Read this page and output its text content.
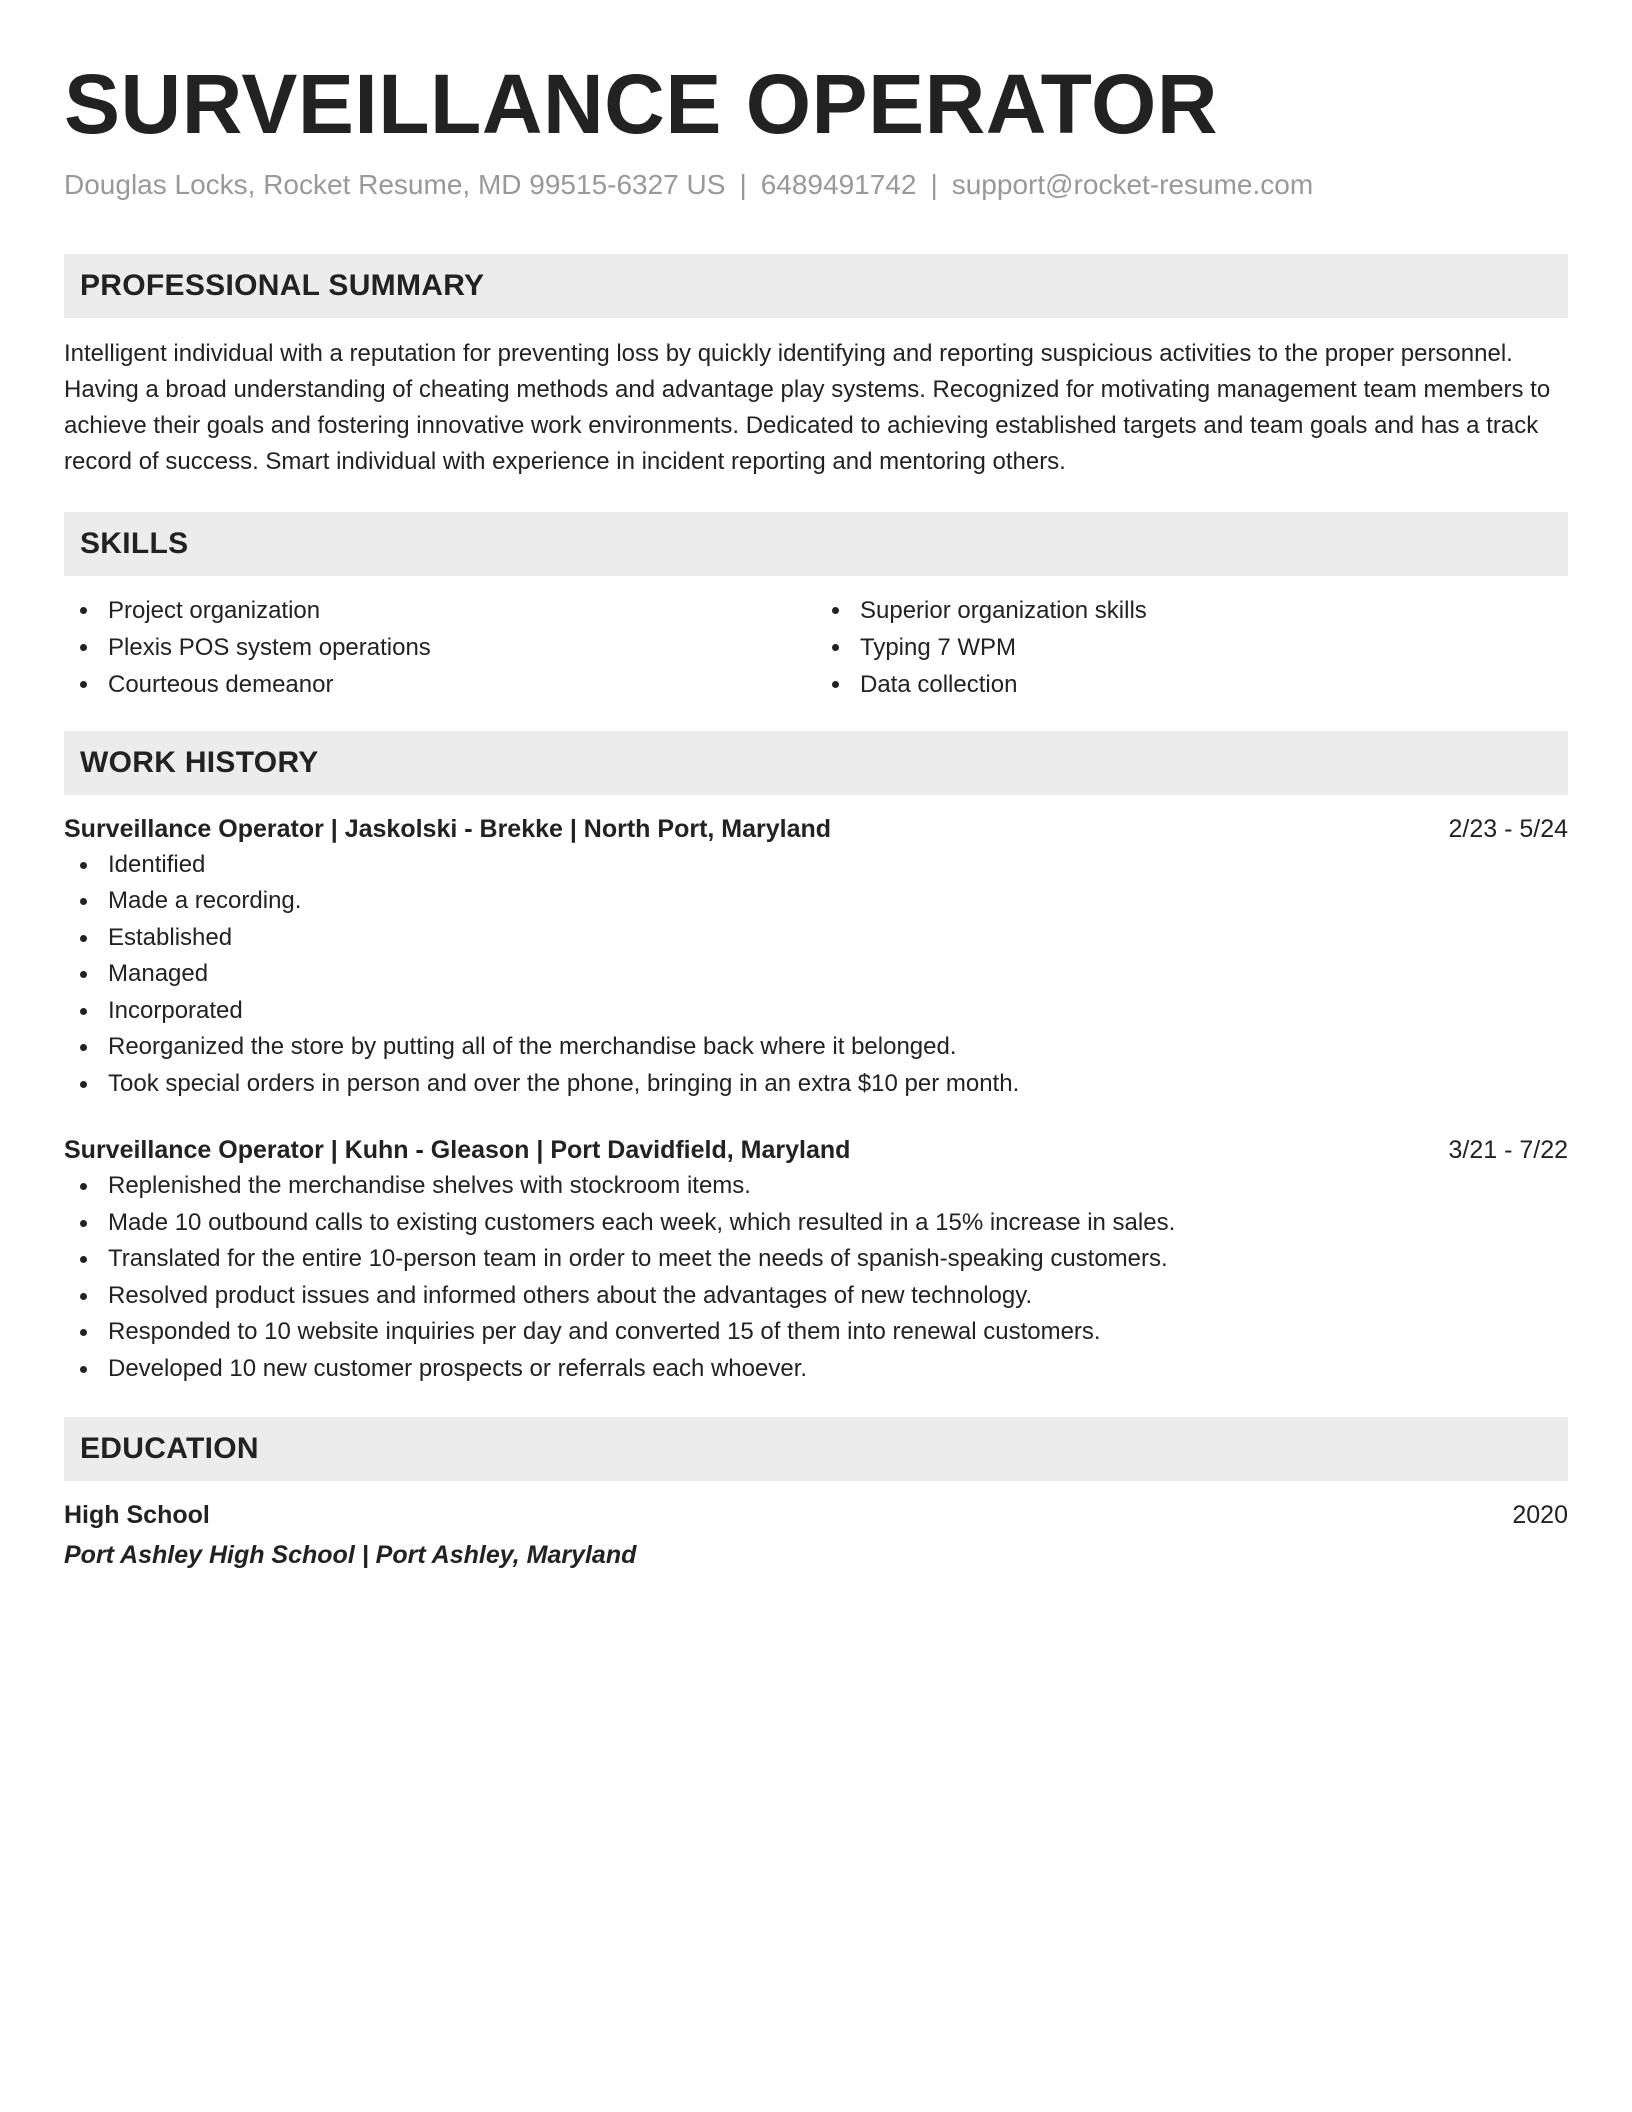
SURVEILLANCE OPERATOR
Douglas Locks, Rocket Resume, MD 99515-6327 US | 6489491742 | support@rocket-resume.com
PROFESSIONAL SUMMARY
Intelligent individual with a reputation for preventing loss by quickly identifying and reporting suspicious activities to the proper personnel. Having a broad understanding of cheating methods and advantage play systems. Recognized for motivating management team members to achieve their goals and fostering innovative work environments. Dedicated to achieving established targets and team goals and has a track record of success. Smart individual with experience in incident reporting and mentoring others.
SKILLS
Project organization
Plexis POS system operations
Courteous demeanor
Superior organization skills
Typing 7 WPM
Data collection
WORK HISTORY
Surveillance Operator | Jaskolski - Brekke | North Port, Maryland	2/23 - 5/24
Identified
Made a recording.
Established
Managed
Incorporated
Reorganized the store by putting all of the merchandise back where it belonged.
Took special orders in person and over the phone, bringing in an extra $10 per month.
Surveillance Operator | Kuhn - Gleason | Port Davidfield, Maryland	3/21 - 7/22
Replenished the merchandise shelves with stockroom items.
Made 10 outbound calls to existing customers each week, which resulted in a 15% increase in sales.
Translated for the entire 10-person team in order to meet the needs of spanish-speaking customers.
Resolved product issues and informed others about the advantages of new technology.
Responded to 10 website inquiries per day and converted 15 of them into renewal customers.
Developed 10 new customer prospects or referrals each whoever.
EDUCATION
High School	2020
Port Ashley High School | Port Ashley, Maryland
